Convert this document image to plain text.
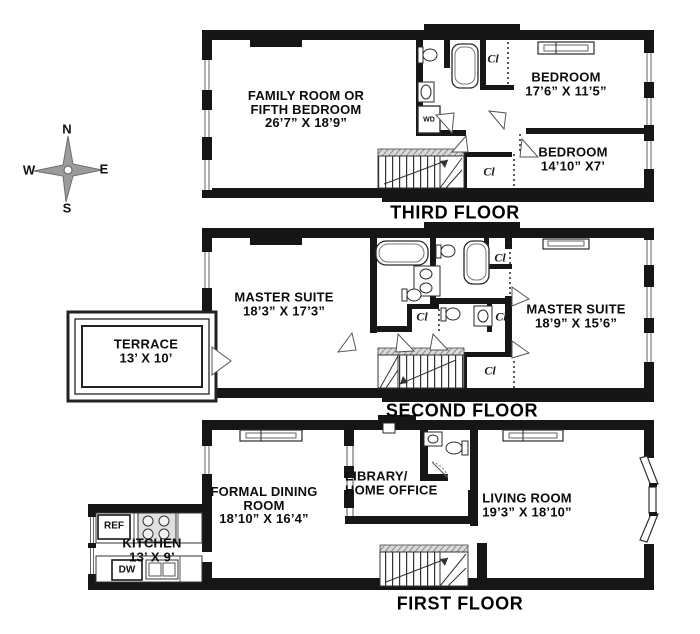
N
W	E
S
FAMILY ROOM OR
FIFTH BEDROOM
26’7” X 18’9”
BEDROOM
17’6” X 11’5”
BEDROOM
14’10” X7’
Cl
Cl
WD
THIRD FLOOR
MASTER SUITE
18’3” X 17’3”	MASTER SUITE
18’9” X 15’6”
TERRACE
13’ X 10’
Cl
Cl	Cl
Cl
SECOND FLOOR
FORMAL DINING
ROOM
18’10” X 16’4”
LIBRARY/
HOME OFFICE
LIVING ROOM
19’3” X 18’10”
KITCHEN
13’ X 9’
REF
DW
FIRST FLOOR
